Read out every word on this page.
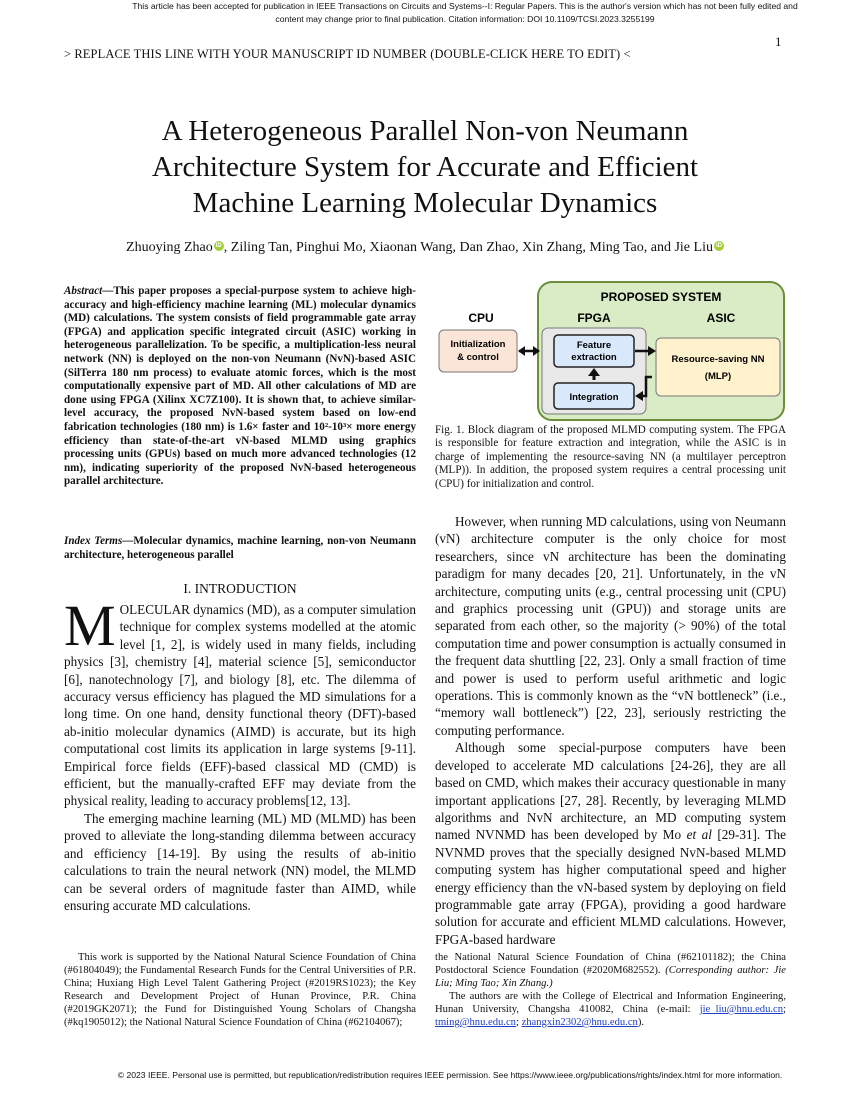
This article has been accepted for publication in IEEE Transactions on Circuits and Systems--I: Regular Papers. This is the author's version which has not been fully edited and
content may change prior to final publication. Citation information: DOI 10.1109/TCSI.2023.3255199
1
> REPLACE THIS LINE WITH YOUR MANUSCRIPT ID NUMBER (DOUBLE-CLICK HERE TO EDIT) <
A Heterogeneous Parallel Non-von Neumann
Architecture System for Accurate and Efficient
Machine Learning Molecular Dynamics
Zhuoying Zhao iD , Ziling Tan, Pinghui Mo, Xiaonan Wang, Dan Zhao, Xin Zhang, Ming Tao, and Jie Liu iD
Abstract—This paper proposes a special-purpose system to achieve high-accuracy and high-efficiency machine learning (ML) molecular dynamics (MD) calculations. The system consists of field programmable gate array (FPGA) and application specific integrated circuit (ASIC) working in heterogeneous parallelization. To be specific, a multiplication-less neural network (NN) is deployed on the non-von Neumann (NvN)-based ASIC (SilTerra 180 nm process) to evaluate atomic forces, which is the most computationally expensive part of MD. All other calculations of MD are done using FPGA (Xilinx XC7Z100). It is shown that, to achieve similar-level accuracy, the proposed NvN-based system based on low-end fabrication technologies (180 nm) is 1.6× faster and 10²-10³× more energy efficiency than state-of-the-art vN-based MLMD using graphics processing units (GPUs) based on much more advanced technologies (12 nm), indicating superiority of the proposed NvN-based heterogeneous parallel architecture.
Index Terms—Molecular dynamics, machine learning, non-von Neumann architecture, heterogeneous parallel
I. INTRODUCTION

MOLECULAR dynamics (MD), as a computer simulation technique for complex systems modelled at the atomic level [1, 2], is widely used in many fields, including physics [3], chemistry [4], material science [5], semiconductor [6], nanotechnology [7], and biology [8], etc. The dilemma of accuracy versus efficiency has plagued the MD simulations for a long time. On one hand, density functional theory (DFT)-based ab-initio molecular dynamics (AIMD) is accurate, but its high computational cost limits its application in large systems [9-11]. Empirical force fields (EFF)-based classical MD (CMD) is efficient, but the manually-crafted EFF may deviate from the physical reality, leading to accuracy problems[12, 13].

The emerging machine learning (ML) MD (MLMD) has been proved to alleviate the long-standing dilemma between accuracy and efficiency [14-19]. By using the results of ab-initio calculations to train the neural network (NN) model, the MLMD can be several orders of magnitude faster than AIMD, while ensuring accurate MD calculations.

PROPOSED SYSTEM
CPU	FPGA	ASIC
Initialization
& control
Feature
extraction
Integration
Resource-saving NN
(MLP)
Fig. 1. Block diagram of the proposed MLMD computing system. The FPGA is responsible for feature extraction and integration, while the ASIC is in charge of implementing the resource-saving NN (a multilayer perceptron (MLP)). In addition, the proposed system requires a central processing unit (CPU) for initialization and control.

However, when running MD calculations, using von Neumann (vN) architecture computer is the only choice for most researchers, since vN architecture has been the dominating paradigm for many decades [20, 21]. Unfortunately, in the vN architecture, computing units (e.g., central processing unit (CPU) and graphics processing unit (GPU)) and storage units are separated from each other, so the majority (> 90%) of the total computation time and power consumption is actually consumed in the frequent data shuttling [22, 23]. Only a small fraction of time and power is used to perform useful arithmetic and logic operations. This is commonly known as the “vN bottleneck” (i.e., “memory wall bottleneck”) [22, 23], seriously restricting the computing performance.

Although some special-purpose computers have been developed to accelerate MD calculations [24-26], they are all based on CMD, which makes their accuracy questionable in many important applications [27, 28]. Recently, by leveraging MLMD algorithms and NvN architecture, an MD computing system named NVNMD has been developed by Mo et al [29-31]. The NVNMD proves that the specially designed NvN-based MLMD computing system has higher computational speed and higher energy efficiency than the vN-based system by deploying on field programmable gate array (FPGA), providing a good hardware solution for accurate and efficient MLMD calculations. However, FPGA-based hardware

This work is supported by the National Natural Science Foundation of China (#61804049); the Fundamental Research Funds for the Central Universities of P.R. China; Huxiang High Level Talent Gathering Project (#2019RS1023); the Key Research and Development Project of Hunan Province, P.R. China (#2019GK2071); the Fund for Distinguished Young Scholars of Changsha (#kq1905012); the National Natural Science Foundation of China (#62104067);

the National Natural Science Foundation of China (#62101182); the China Postdoctoral Science Foundation (#2020M682552). (Corresponding author: Jie Liu; Ming Tao; Xin Zhang.)

The authors are with the College of Electrical and Information Engineering, Hunan University, Changsha 410082, China (e-mail: jie_liu@hnu.edu.cn; tming@hnu.edu.cn; zhangxin2302@hnu.edu.cn).

© 2023 IEEE. Personal use is permitted, but republication/redistribution requires IEEE permission. See https://www.ieee.org/publications/rights/index.html for more information.
